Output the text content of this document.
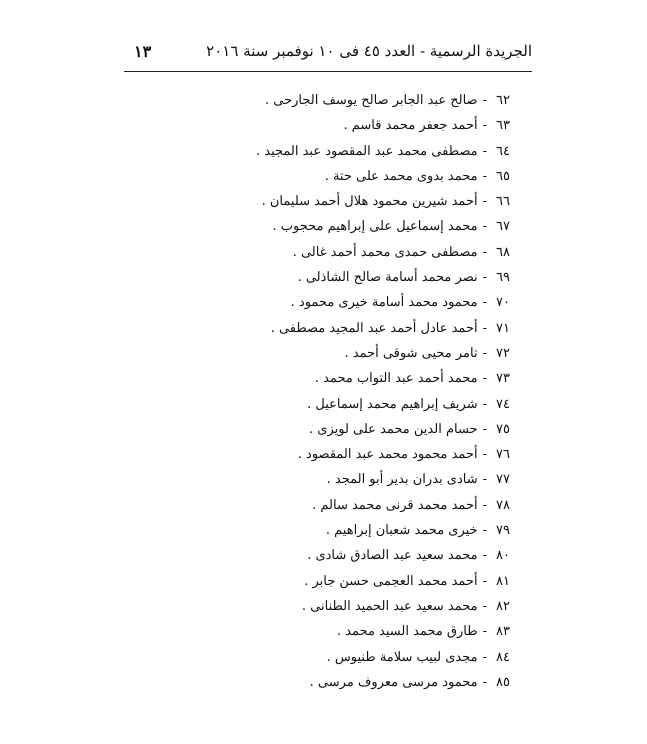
الجريدة الرسمية - العدد ٤٥ فى ١٠ نوفمبر سنة ٢٠١٦
١٣
٦٢-صالح عبد الجابر صالح يوسف الجارحى .
٦٣-أحمد جعفر محمد قاسم .
٦٤-مصطفى محمد عبد المقصود عبد المجيد .
٦٥-محمد بدوى محمد على حتة .
٦٦-أحمد شيرين محمود هلال أحمد سليمان .
٦٧-محمد إسماعيل على إبراهيم محجوب .
٦٨-مصطفى حمدى محمد أحمد غالى .
٦٩-نصر محمد أسامة صالح الشاذلى .
٧٠-محمود محمد أسامة خيرى محمود .
٧١-أحمد عادل أحمد عبد المجيد مصطفى .
٧٢-تامر محيى شوقى أحمد .
٧٣-محمد أحمد عبد التواب محمد .
٧٤-شريف إبراهيم محمد إسماعيل .
٧٥-حسام الدين محمد على لويزى .
٧٦-أحمد محمود محمد عبد المقصود .
٧٧-شادى بدران بدير أبو المجد .
٧٨-أحمد محمد قرنى محمد سالم .
٧٩-خيرى محمد شعبان إبراهيم .
٨٠-محمد سعيد عبد الصادق شادى .
٨١-أحمد محمد العجمى حسن جابر .
٨٢-محمد سعيد عبد الحميد الطنانى .
٨٣-طارق محمد السيد محمد .
٨٤-مجدى لبيب سلامة طنيوس .
٨٥-محمود مرسى معروف مرسى .
